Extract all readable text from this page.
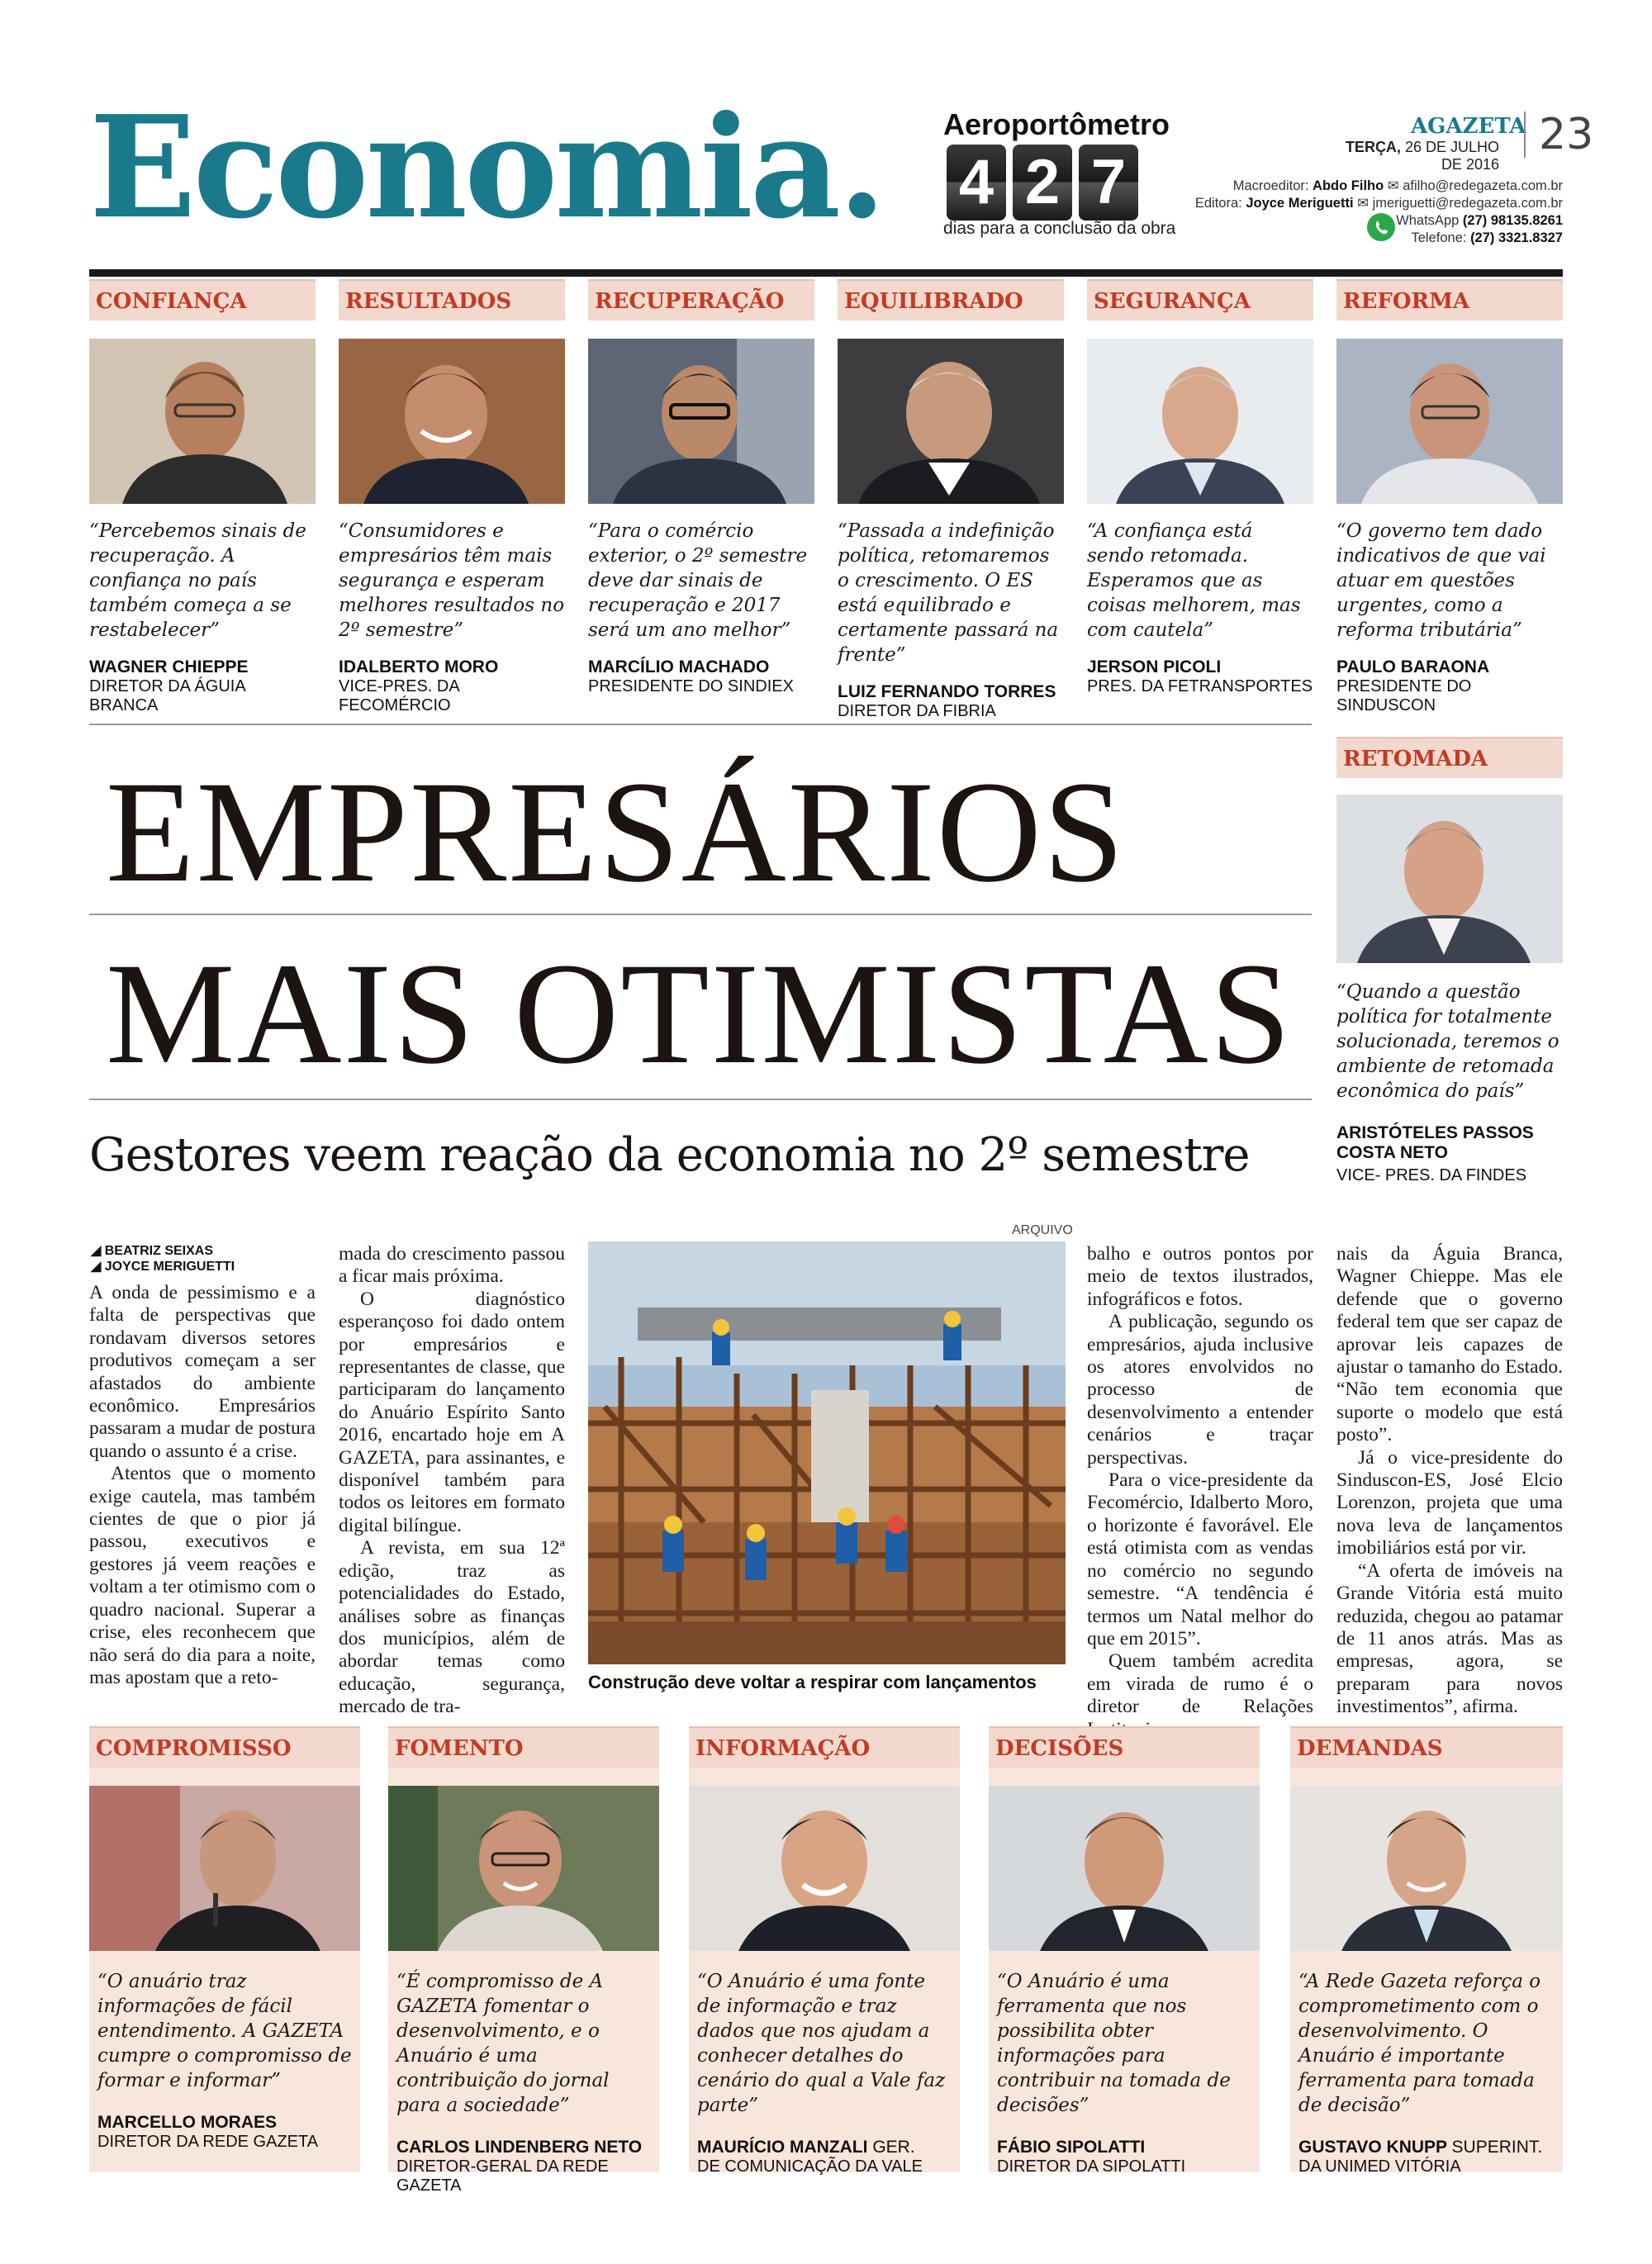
Economia. Aeroportômetro
4 2 7
dias para a conclusão da obra
AGAZETA 23
TERÇA, 26 DE JULHO DE 2016
Macroeditor: Abdo Filho ✉ afilho@redegazeta.com.br
Editora: Joyce Meriguetti ✉ jmeriguetti@redegazeta.com.br
WhatsApp (27) 98135.8261
Telefone: (27) 3321.8327
CONFIANÇA
“Percebemos sinais de recuperação. A confiança no país também começa a se restabelecer”
WAGNER CHIEPPE
DIRETOR DA ÁGUIA BRANCA
RESULTADOS
“Consumidores e empresários têm mais segurança e esperam melhores resultados no 2º semestre”
IDALBERTO MORO
VICE-PRES. DA FECOMÉRCIO
RECUPERAÇÃO
“Para o comércio exterior, o 2º semestre deve dar sinais de recuperação e 2017 será um ano melhor”
MARCÍLIO MACHADO
PRESIDENTE DO SINDIEX
EQUILIBRADO
“Passada a indefinição política, retomaremos o crescimento. O ES está equilibrado e certamente passará na frente”
LUIZ FERNANDO TORRES
DIRETOR DA FIBRIA
SEGURANÇA
“A confiança está sendo retomada. Esperamos que as coisas melhorem, mas com cautela”
JERSON PICOLI
PRES. DA FETRANSPORTES
REFORMA
“O governo tem dado indicativos de que vai atuar em questões urgentes, como a reforma tributária”
PAULO BARAONA
PRESIDENTE DO SINDUSCON
RETOMADA
“Quando a questão política for totalmente solucionada, teremos o ambiente de retomada econômica do país”
ARISTÓTELES PASSOS
COSTA NETO
VICE- PRES. DA FINDES
EMPRESÁRIOS
MAIS OTIMISTAS
Gestores veem reação da economia no 2º semestre
◢ BEATRIZ SEIXAS
◢ JOYCE MERIGUETTI

A onda de pessimismo e a falta de perspectivas que rondavam diversos setores produtivos começam a ser afastados do ambiente econômico. Empresários passaram a mudar de postura quando o assunto é a crise.

Atentos que o momento exige cautela, mas também cientes de que o pior já passou, executivos e gestores já veem reações e voltam a ter otimismo com o quadro nacional. Superar a crise, eles reconhecem que não será do dia para a noite, mas apostam que a reto-

mada do crescimento passou a ficar mais próxima.

O diagnóstico esperançoso foi dado ontem por empresários e representantes de classe, que participaram do lançamento do Anuário Espírito Santo 2016, encartado hoje em A GAZETA, para assinantes, e disponível também para todos os leitores em formato digital bilíngue.

A revista, em sua 12ª edição, traz as potencialidades do Estado, análises sobre as finanças dos municípios, além de abordar temas como educação, segurança, mercado de tra-

ARQUIVO
Construção deve voltar a respirar com lançamentos

balho e outros pontos por meio de textos ilustrados, infográficos e fotos.

A publicação, segundo os empresários, ajuda inclusive os atores envolvidos no processo de desenvolvimento a entender cenários e traçar perspectivas.

Para o vice-presidente da Fecomércio, Idalberto Moro, o horizonte é favorável. Ele está otimista com as vendas no comércio no segundo semestre. “A tendência é termos um Natal melhor do que em 2015”.

Quem também acredita em virada de rumo é o diretor de Relações

nais da Águia Branca, Wagner Chieppe. Mas ele defende que o governo federal tem que ser capaz de aprovar leis capazes de ajustar o tamanho do Estado. “Não tem economia que suporte o modelo que está posto”.

Já o vice-presidente do Sinduscon-ES, José Elcio Lorenzon, projeta que uma nova leva de lançamentos imobiliários está por vir.

“A oferta de imóveis na Grande Vitória está muito reduzida, chegou ao patamar de 11 anos atrás. Mas as empresas, agora, se preparam para novos investimentos”, afirma.

COMPROMISSO
“O anuário traz informações de fácil entendimento. A GAZETA cumpre o compromisso de formar e informar”
MARCELLO MORAES
DIRETOR DA REDE GAZETA
FOMENTO
“É compromisso de A GAZETA fomentar o desenvolvimento, e o Anuário é uma contribuição do jornal para a sociedade”
CARLOS LINDENBERG NETO
DIRETOR-GERAL DA REDE GAZETA
INFORMAÇÃO
“O Anuário é uma fonte de informação e traz dados que nos ajudam a conhecer detalhes do cenário do qual a Vale faz parte”
MAURÍCIO MANZALI GER.
DE COMUNICAÇÃO DA VALE
DECISÕES
“O Anuário é uma ferramenta que nos possibilita obter informações para contribuir na tomada de decisões”
FÁBIO SIPOLATTI
DIRETOR DA SIPOLATTI
DEMANDAS
“A Rede Gazeta reforça o comprometimento com o desenvolvimento. O Anuário é importante ferramenta para tomada de decisão”
GUSTAVO KNUPP SUPERINT.
DA UNIMED VITÓRIA
